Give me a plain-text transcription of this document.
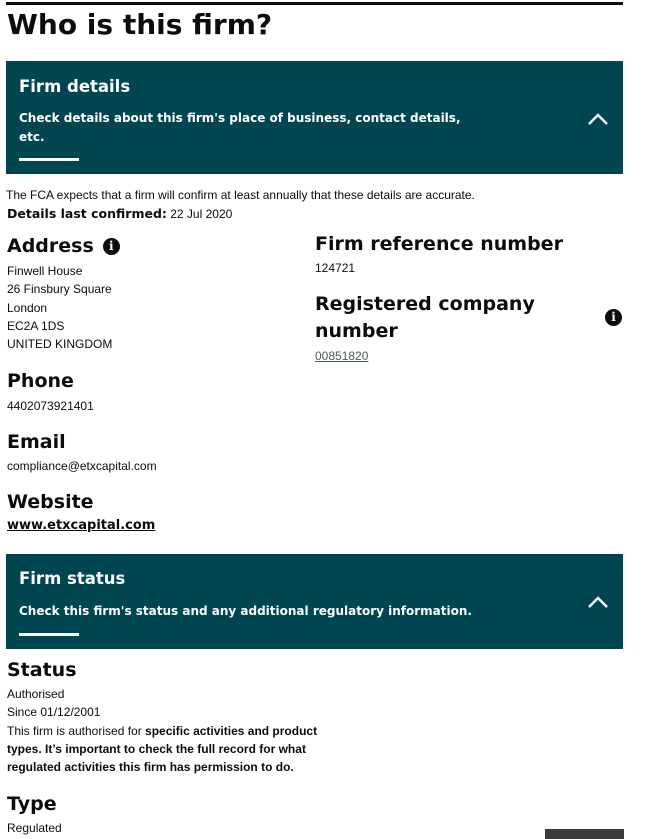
Who is this firm?
Firm details
Check details about this firm's place of business, contact details,
etc.
The FCA expects that a firm will confirm at least annually that these details are accurate.
Details last confirmed: 22 Jul 2020
Address	i
Finwell House
26 Finsbury Square
London
EC2A 1DS
UNITED KINGDOM
Firm reference number
124721
Registered company
number
i
00851820
Phone
4402073921401
Email
compliance@etxcapital.com
Website
www.etxcapital.com
Firm status
Check this firm's status and any additional regulatory information.
Status
Authorised
Since 01/12/2001
This firm is authorised for specific activities and product
types. It’s important to check the full record for what
regulated activities this firm has permission to do.
Type
Regulated
